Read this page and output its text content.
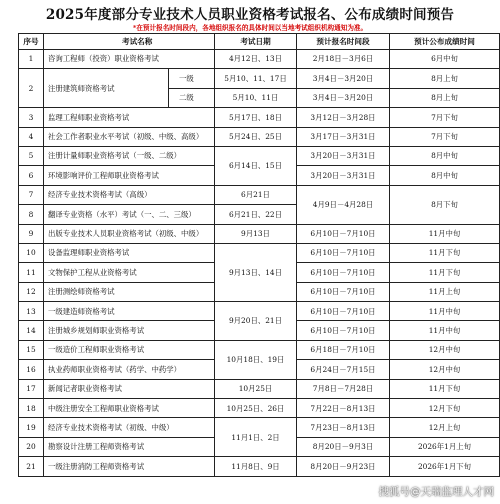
2025年度部分专业技术人员职业资格考试报名、公布成绩时间预告
*在预计报名时间段内，各地组织报名的具体时间以当地考试组织机构通知为准。
序号	考试名称		考试日期	预计报名时间段	预计公布成绩时间
1	咨询工程师（投资）职业资格考试		4月12日、13日	2月18日－3月6日	6月中旬
2	注册建筑师资格考试	一级	5月10、11、17日	3月4日－3月20日	8月上旬
		二级	5月10、11日	3月4日－3月20日	8月上旬
3	监理工程师职业资格考试		5月17日、18日	3月12日－3月28日	7月下旬
4	社会工作者职业水平考试（初级、中级、高级）		5月24日、25日	3月17日－3月31日	7月下旬
5	注册计量师职业资格考试（一级、二级）		6月14日、15日	3月20日－3月31日	8月中旬
6	环境影响评价工程师职业资格考试			3月20日－3月31日	8月中旬
7	经济专业技术资格考试（高级）		6月21日	4月9日－4月28日	8月下旬
8	翻译专业资格（水平）考试（一、二、三级）		6月21日、22日		
9	出版专业技术人员职业资格考试（初级、中级）		9月13日	6月10日－7月10日	11月中旬
10	设备监理师职业资格考试		9月13日、14日	6月10日－7月10日	11月下旬
11	文物保护工程从业资格考试			6月10日－7月10日	11月下旬
12	注册测绘师资格考试			6月10日－7月10日	11月上旬
13	一级建造师资格考试		9月20日、21日	6月10日－7月10日	11月中旬
14	注册城乡规划师职业资格考试			6月10日－7月10日	11月中旬
15	一级造价工程师职业资格考试		10月18日、19日	6月18日－7月10日	12月中旬
16	执业药师职业资格考试（药学、中药学）			6月24日－7月15日	12月中旬
17	新闻记者职业资格考试		10月25日	7月8日－7月28日	11月下旬
18	中级注册安全工程师职业资格考试		10月25日、26日	7月22日－8月13日	12月下旬
19	经济专业技术资格考试（初级、中级）		11月1日、2日	7月23日－8月13日	12月上旬
20	勘察设计注册工程师资格考试			8月20日－9月3日	2026年1月上旬
21	一级注册消防工程师资格考试		11月8日、9日	8月20日－9月23日	2026年1月下旬
搜狐号@天瑞监理人才网
